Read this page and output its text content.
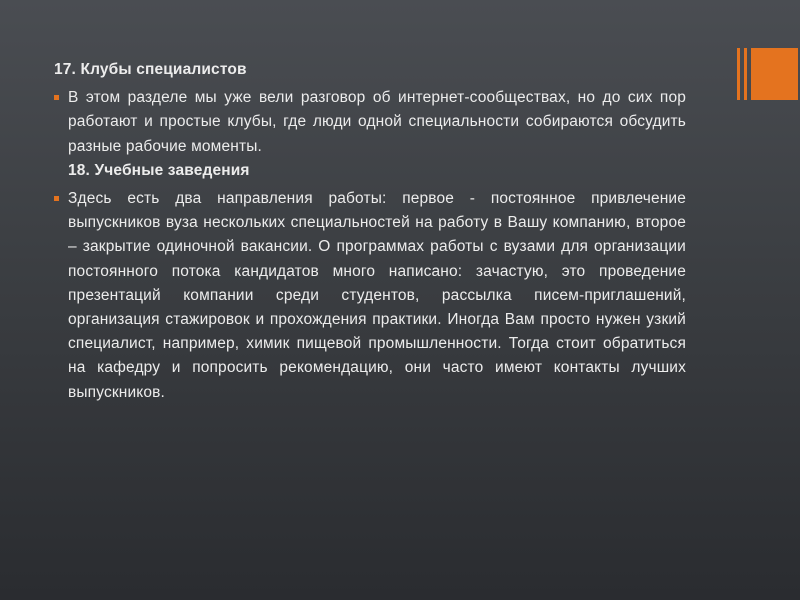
17. Клубы специалистов

В этом разделе мы уже вели разговор об интернет-сообществах, но до сих пор работают и простые клубы, где люди одной специальности собираются обсудить разные рабочие моменты.
18. Учебные заведения
Здесь есть два направления работы: первое - постоянное привлечение выпускников вуза нескольких специальностей на работу в Вашу компанию, второе – закрытие одиночной вакансии. О программах работы с вузами для организации постоянного потока кандидатов много написано: зачастую, это проведение презентаций компании среди студентов, рассылка писем-приглашений, организация стажировок и прохождения практики. Иногда Вам просто нужен узкий специалист, например, химик пищевой промышленности. Тогда стоит обратиться на кафедру и попросить рекомендацию, они часто имеют контакты лучших выпускников.
